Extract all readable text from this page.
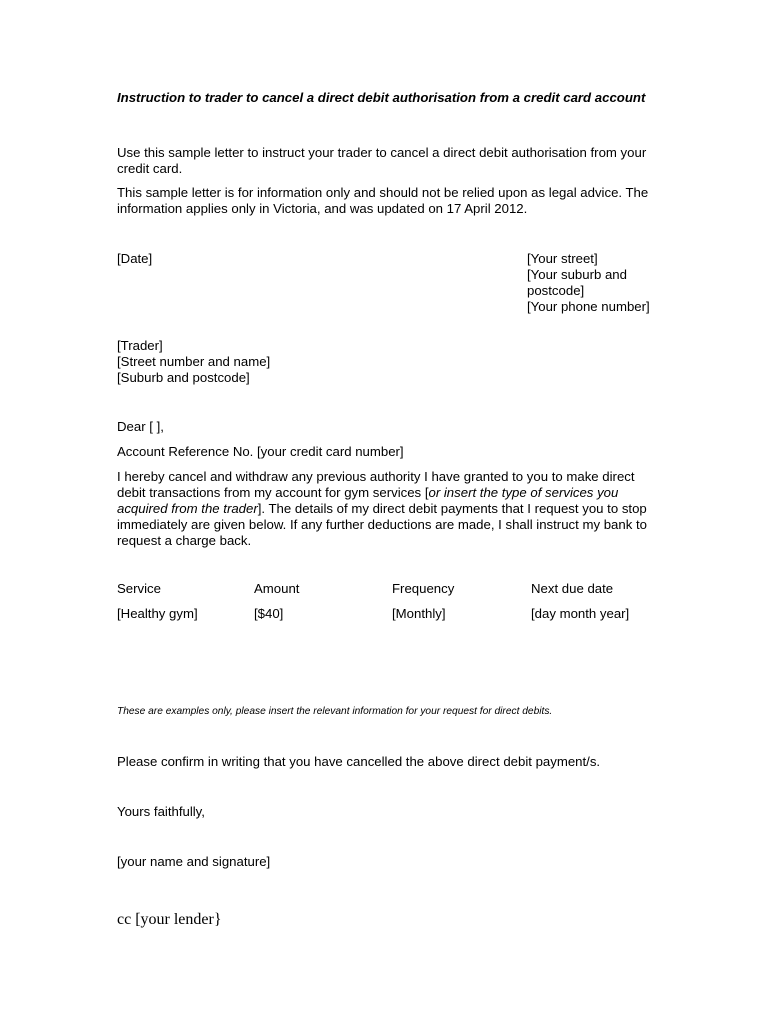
Instruction to trader to cancel a direct debit authorisation from a credit card account

Use this sample letter to instruct your trader to cancel a direct debit authorisation from your credit card.

This sample letter is for information only and should not be relied upon as legal advice. The information applies only in Victoria, and was updated on 17 April 2012.

[Date]	[Your street]
[Your suburb and
postcode]
[Your phone number]
[Trader]
[Street number and name]
[Suburb and postcode]

Dear [ ],

Account Reference No. [your credit card number]

I hereby cancel and withdraw any previous authority I have granted to you to make direct debit transactions from my account for gym services [or insert the type of services you acquired from the trader]. The details of my direct debit payments that I request you to stop immediately are given below. If any further deductions are made, I shall instruct my bank to request a charge back.

Service	Amount	Frequency	Next due date
[Healthy gym]	[$40]	[Monthly]	[day month year]
These are examples only, please insert the relevant information for your request for direct debits.

Please confirm in writing that you have cancelled the above direct debit payment/s.

Yours faithfully,

[your name and signature]

cc [your lender}
